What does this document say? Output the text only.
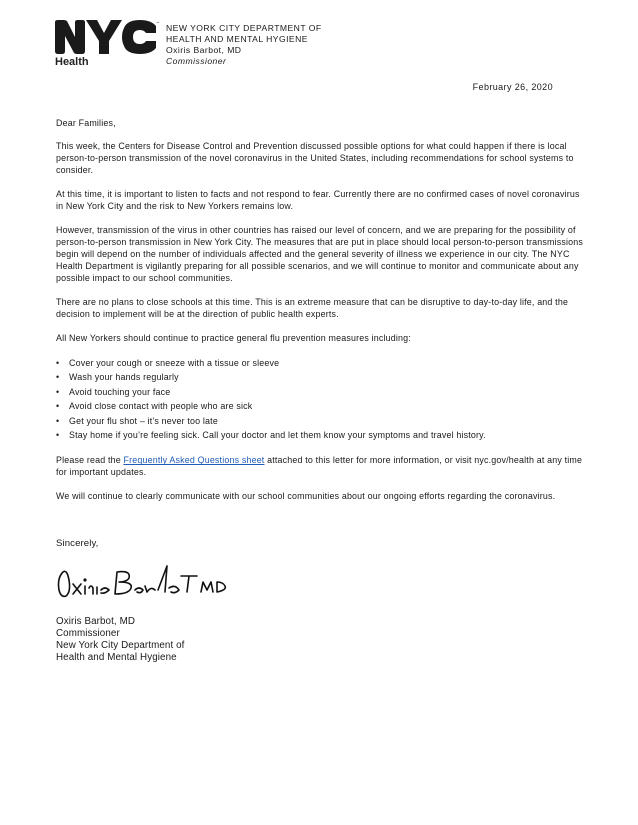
™
Health
NEW YORK CITY DEPARTMENT OF
HEALTH AND MENTAL HYGIENE
Oxiris Barbot, MD
Commissioner
February 26, 2020

Dear Families,

This week, the Centers for Disease Control and Prevention discussed possible options for what could happen if there is local person-to-person transmission of the novel coronavirus in the United States, including recommendations for school systems to consider.

At this time, it is important to listen to facts and not respond to fear. Currently there are no confirmed cases of novel coronavirus in New York City and the risk to New Yorkers remains low.

However, transmission of the virus in other countries has raised our level of concern, and we are preparing for the possibility of person-to-person transmission in New York City. The measures that are put in place should local person-to-person transmissions begin will depend on the number of individuals affected and the general severity of illness we experience in our city. The NYC Health Department is vigilantly preparing for all possible scenarios, and we will continue to monitor and communicate about any possible impact to our school communities.

There are no plans to close schools at this time. This is an extreme measure that can be disruptive to day-to-day life, and the decision to implement will be at the direction of public health experts.

All New Yorkers should continue to practice general flu prevention measures including:

• Cover your cough or sneeze with a tissue or sleeve
• Wash your hands regularly
• Avoid touching your face
• Avoid close contact with people who are sick
• Get your flu shot – it’s never too late
• Stay home if you’re feeling sick. Call your doctor and let them know your symptoms and travel history.

Please read the Frequently Asked Questions sheet attached to this letter for more information, or visit nyc.gov/health at any time for important updates.

We will continue to clearly communicate with our school communities about our ongoing efforts regarding the coronavirus.

Sincerely,
Oxiris Barbot, MD
Commissioner
New York City Department of
Health and Mental Hygiene
